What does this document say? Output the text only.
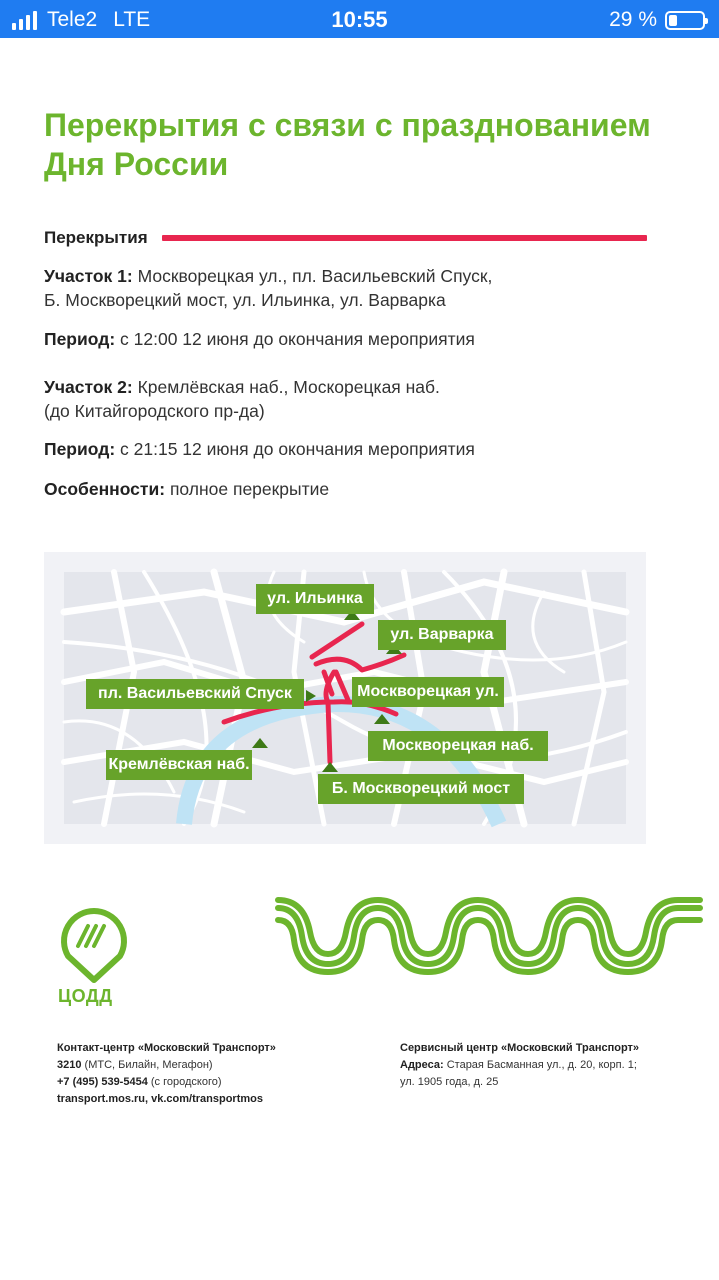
Tele2 LTE	10:55	29 %
Перекрытия с связи с празднованием
Дня России
Перекрытия

Участок 1: Москворецкая ул., пл. Васильевский Спуск,
Б. Москворецкий мост, ул. Ильинка, ул. Варварка

Период: с 12:00 12 июня до окончания мероприятия

Участок 2: Кремлёвская наб., Москорецкая наб.
(до Китайгородского пр-да)

Период: с 21:15 12 июня до окончания мероприятия

Особенности: полное перекрытие

ул. Ильинка
ул. Варварка
пл. Васильевский Спуск	Москворецкая ул.
Москворецкая наб.
Кремлёвская наб.
Б. Москворецкий мост
ЦОДД
Контакт-центр «Московский Транспорт»
3210 (МТС, Билайн, Мегафон)
+7 (495) 539-5454 (с городского)
transport.mos.ru, vk.com/transportmos
Сервисный центр «Московский Транспорт»
Адреса: Старая Басманная ул., д. 20, корп. 1;
ул. 1905 года, д. 25
